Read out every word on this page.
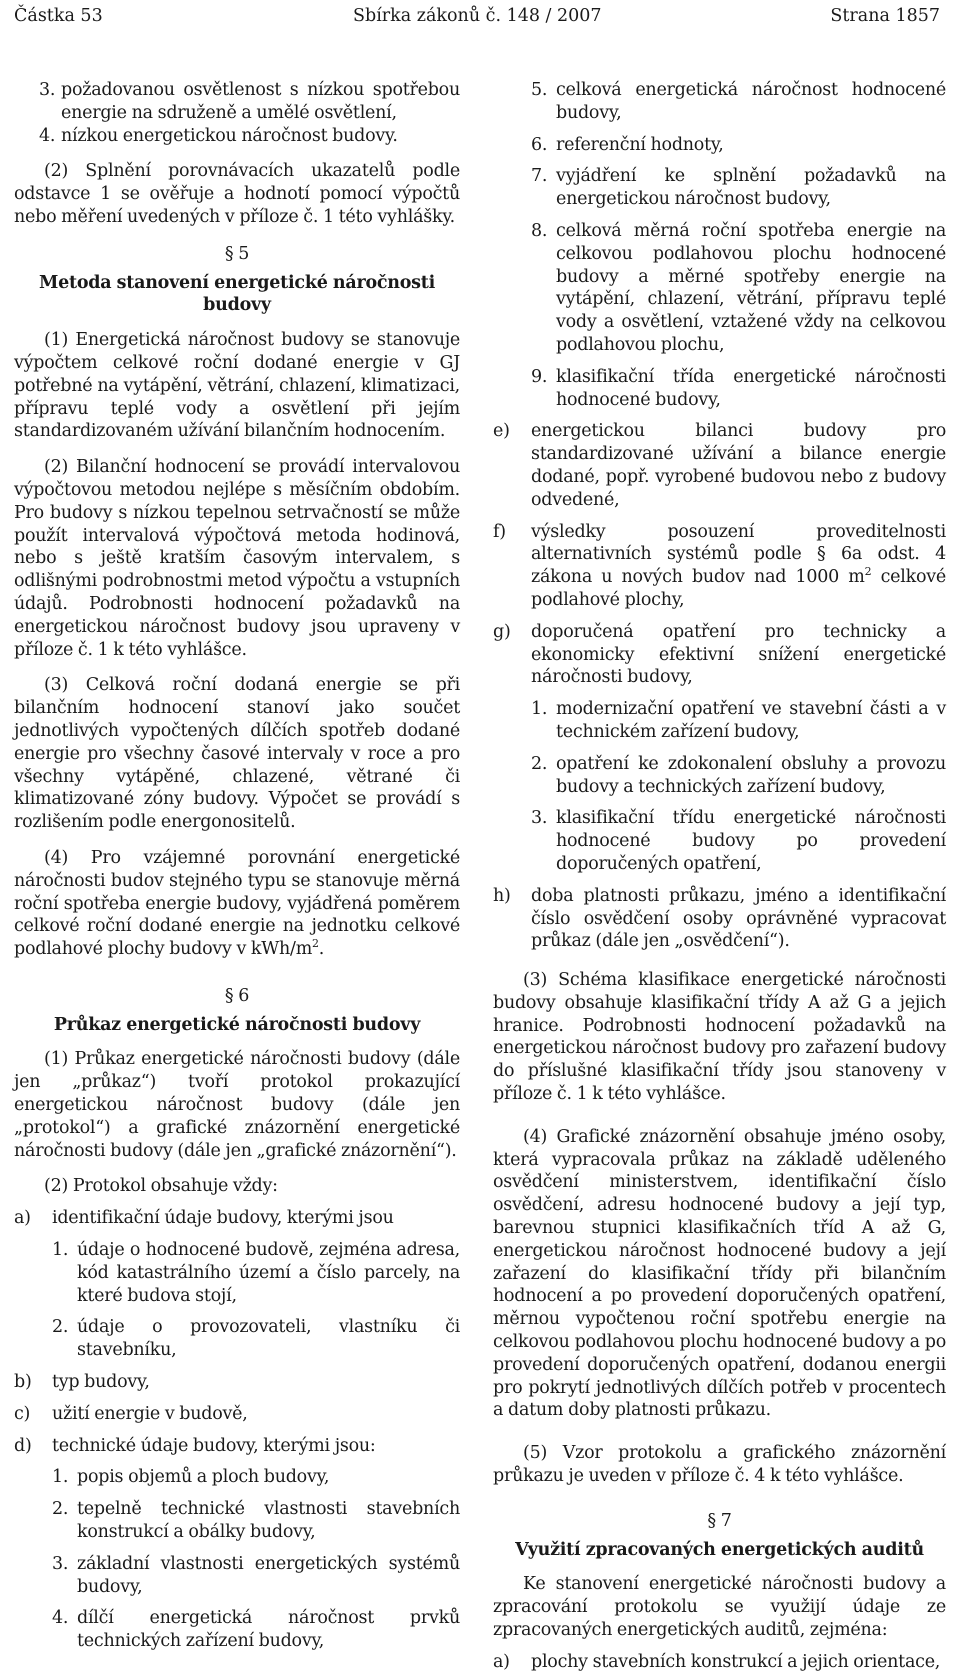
Částka 53	Sbírka zákonů č. 148 / 2007	Strana 1857
3. požadovanou osvětlenost s nízkou spotřebou energie na sdruženě a umělé osvětlení,
4. nízkou energetickou náročnost budovy.

(2) Splnění porovnávacích ukazatelů podle odstavce 1 se ověřuje a hodnotí pomocí výpočtů nebo měření uvedených v příloze č. 1 této vyhlášky.

§ 5
Metoda stanovení energetické náročnosti budovy

(1) Energetická náročnost budovy se stanovuje výpočtem celkové roční dodané energie v GJ potřebné na vytápění, větrání, chlazení, klimatizaci, přípravu teplé vody a osvětlení při jejím standardizovaném užívání bilančním hodnocením.

(2) Bilanční hodnocení se provádí intervalovou výpočtovou metodou nejlépe s měsíčním obdobím. Pro budovy s nízkou tepelnou setrvačností se může použít intervalová výpočtová metoda hodinová, nebo s ještě kratším časovým intervalem, s odlišnými podrobnostmi metod výpočtu a vstupních údajů. Podrobnosti hodnocení požadavků na energetickou náročnost budovy jsou upraveny v příloze č. 1 k této vyhlášce.

(3) Celková roční dodaná energie se při bilančním hodnocení stanoví jako součet jednotlivých vypočtených dílčích spotřeb dodané energie pro všechny časové intervaly v roce a pro všechny vytápěné, chlazené, větrané či klimatizované zóny budovy. Výpočet se provádí s rozlišením podle energonositelů.

(4) Pro vzájemné porovnání energetické náročnosti budov stejného typu se stanovuje měrná roční spotřeba energie budovy, vyjádřená poměrem celkové roční dodané energie na jednotku celkové podlahové plochy budovy v kWh/$m^2$.

§ 6
Průkaz energetické náročnosti budovy

(1) Průkaz energetické náročnosti budovy (dále jen „průkaz“) tvoří protokol prokazující energetickou náročnost budovy (dále jen „protokol“) a grafické znázornění energetické náročnosti budovy (dále jen „grafické znázornění“).

(2) Protokol obsahuje vždy:

a)	identifikační údaje budovy, kterými jsou
1. údaje o hodnocené budově, zejména adresa, kód katastrálního území a číslo parcely, na které budova stojí,
2. údaje o provozovateli, vlastníku či stavebníku,
b)	typ budovy,
c)	užití energie v budově,
d)	technické údaje budovy, kterými jsou:
1. popis objemů a ploch budovy,
2. tepelně technické vlastnosti stavebních konstrukcí a obálky budovy,
3. základní vlastnosti energetických systémů budovy,
4. dílčí energetická náročnost prvků technických zařízení budovy,
5. celková energetická náročnost hodnocené budovy,
6. referenční hodnoty,
7. vyjádření ke splnění požadavků na energetickou náročnost budovy,
8. celková měrná roční spotřeba energie na celkovou podlahovou plochu hodnocené budovy a měrné spotřeby energie na vytápění, chlazení, větrání, přípravu teplé vody a osvětlení, vztažené vždy na celkovou podlahovou plochu,
9. klasifikační třída energetické náročnosti hodnocené budovy,
e)	energetickou bilanci budovy pro standardizované užívání a bilance energie dodané, popř. vyrobené budovou nebo z budovy odvedené,
f)	výsledky posouzení proveditelnosti alternativních systémů podle § 6a odst. 4 zákona u nových budov nad 1000 $m^2$ celkové podlahové plochy,
g)	doporučená opatření pro technicky a ekonomicky efektivní snížení energetické náročnosti budovy,
1. modernizační opatření ve stavební části a v technickém zařízení budovy,
2. opatření ke zdokonalení obsluhy a provozu budovy a technických zařízení budovy,
3. klasifikační třídu energetické náročnosti hodnocené budovy po provedení doporučených opatření,
h)	doba platnosti průkazu, jméno a identifikační číslo osvědčení osoby oprávněné vypracovat průkaz (dále jen „osvědčení“).

(3) Schéma klasifikace energetické náročnosti budovy obsahuje klasifikační třídy A až G a jejich hranice. Podrobnosti hodnocení požadavků na energetickou náročnost budovy pro zařazení budovy do příslušné klasifikační třídy jsou stanoveny v příloze č. 1 k této vyhlášce.

(4) Grafické znázornění obsahuje jméno osoby, která vypracovala průkaz na základě uděleného osvědčení ministerstvem, identifikační číslo osvědčení, adresu hodnocené budovy a její typ, barevnou stupnici klasifikačních tříd A až G, energetickou náročnost hodnocené budovy a její zařazení do klasifikační třídy při bilančním hodnocení a po provedení doporučených opatření, měrnou vypočtenou roční spotřebu energie na celkovou podlahovou plochu hodnocené budovy a po provedení doporučených opatření, dodanou energii pro pokrytí jednotlivých dílčích potřeb v procentech a datum doby platnosti průkazu.

(5) Vzor protokolu a grafického znázornění průkazu je uveden v příloze č. 4 k této vyhlášce.

§ 7
Využití zpracovaných energetických auditů

Ke stanovení energetické náročnosti budovy a zpracování protokolu se využijí údaje ze zpracovaných energetických auditů, zejména:

a)	plochy stavebních konstrukcí a jejich orientace,
